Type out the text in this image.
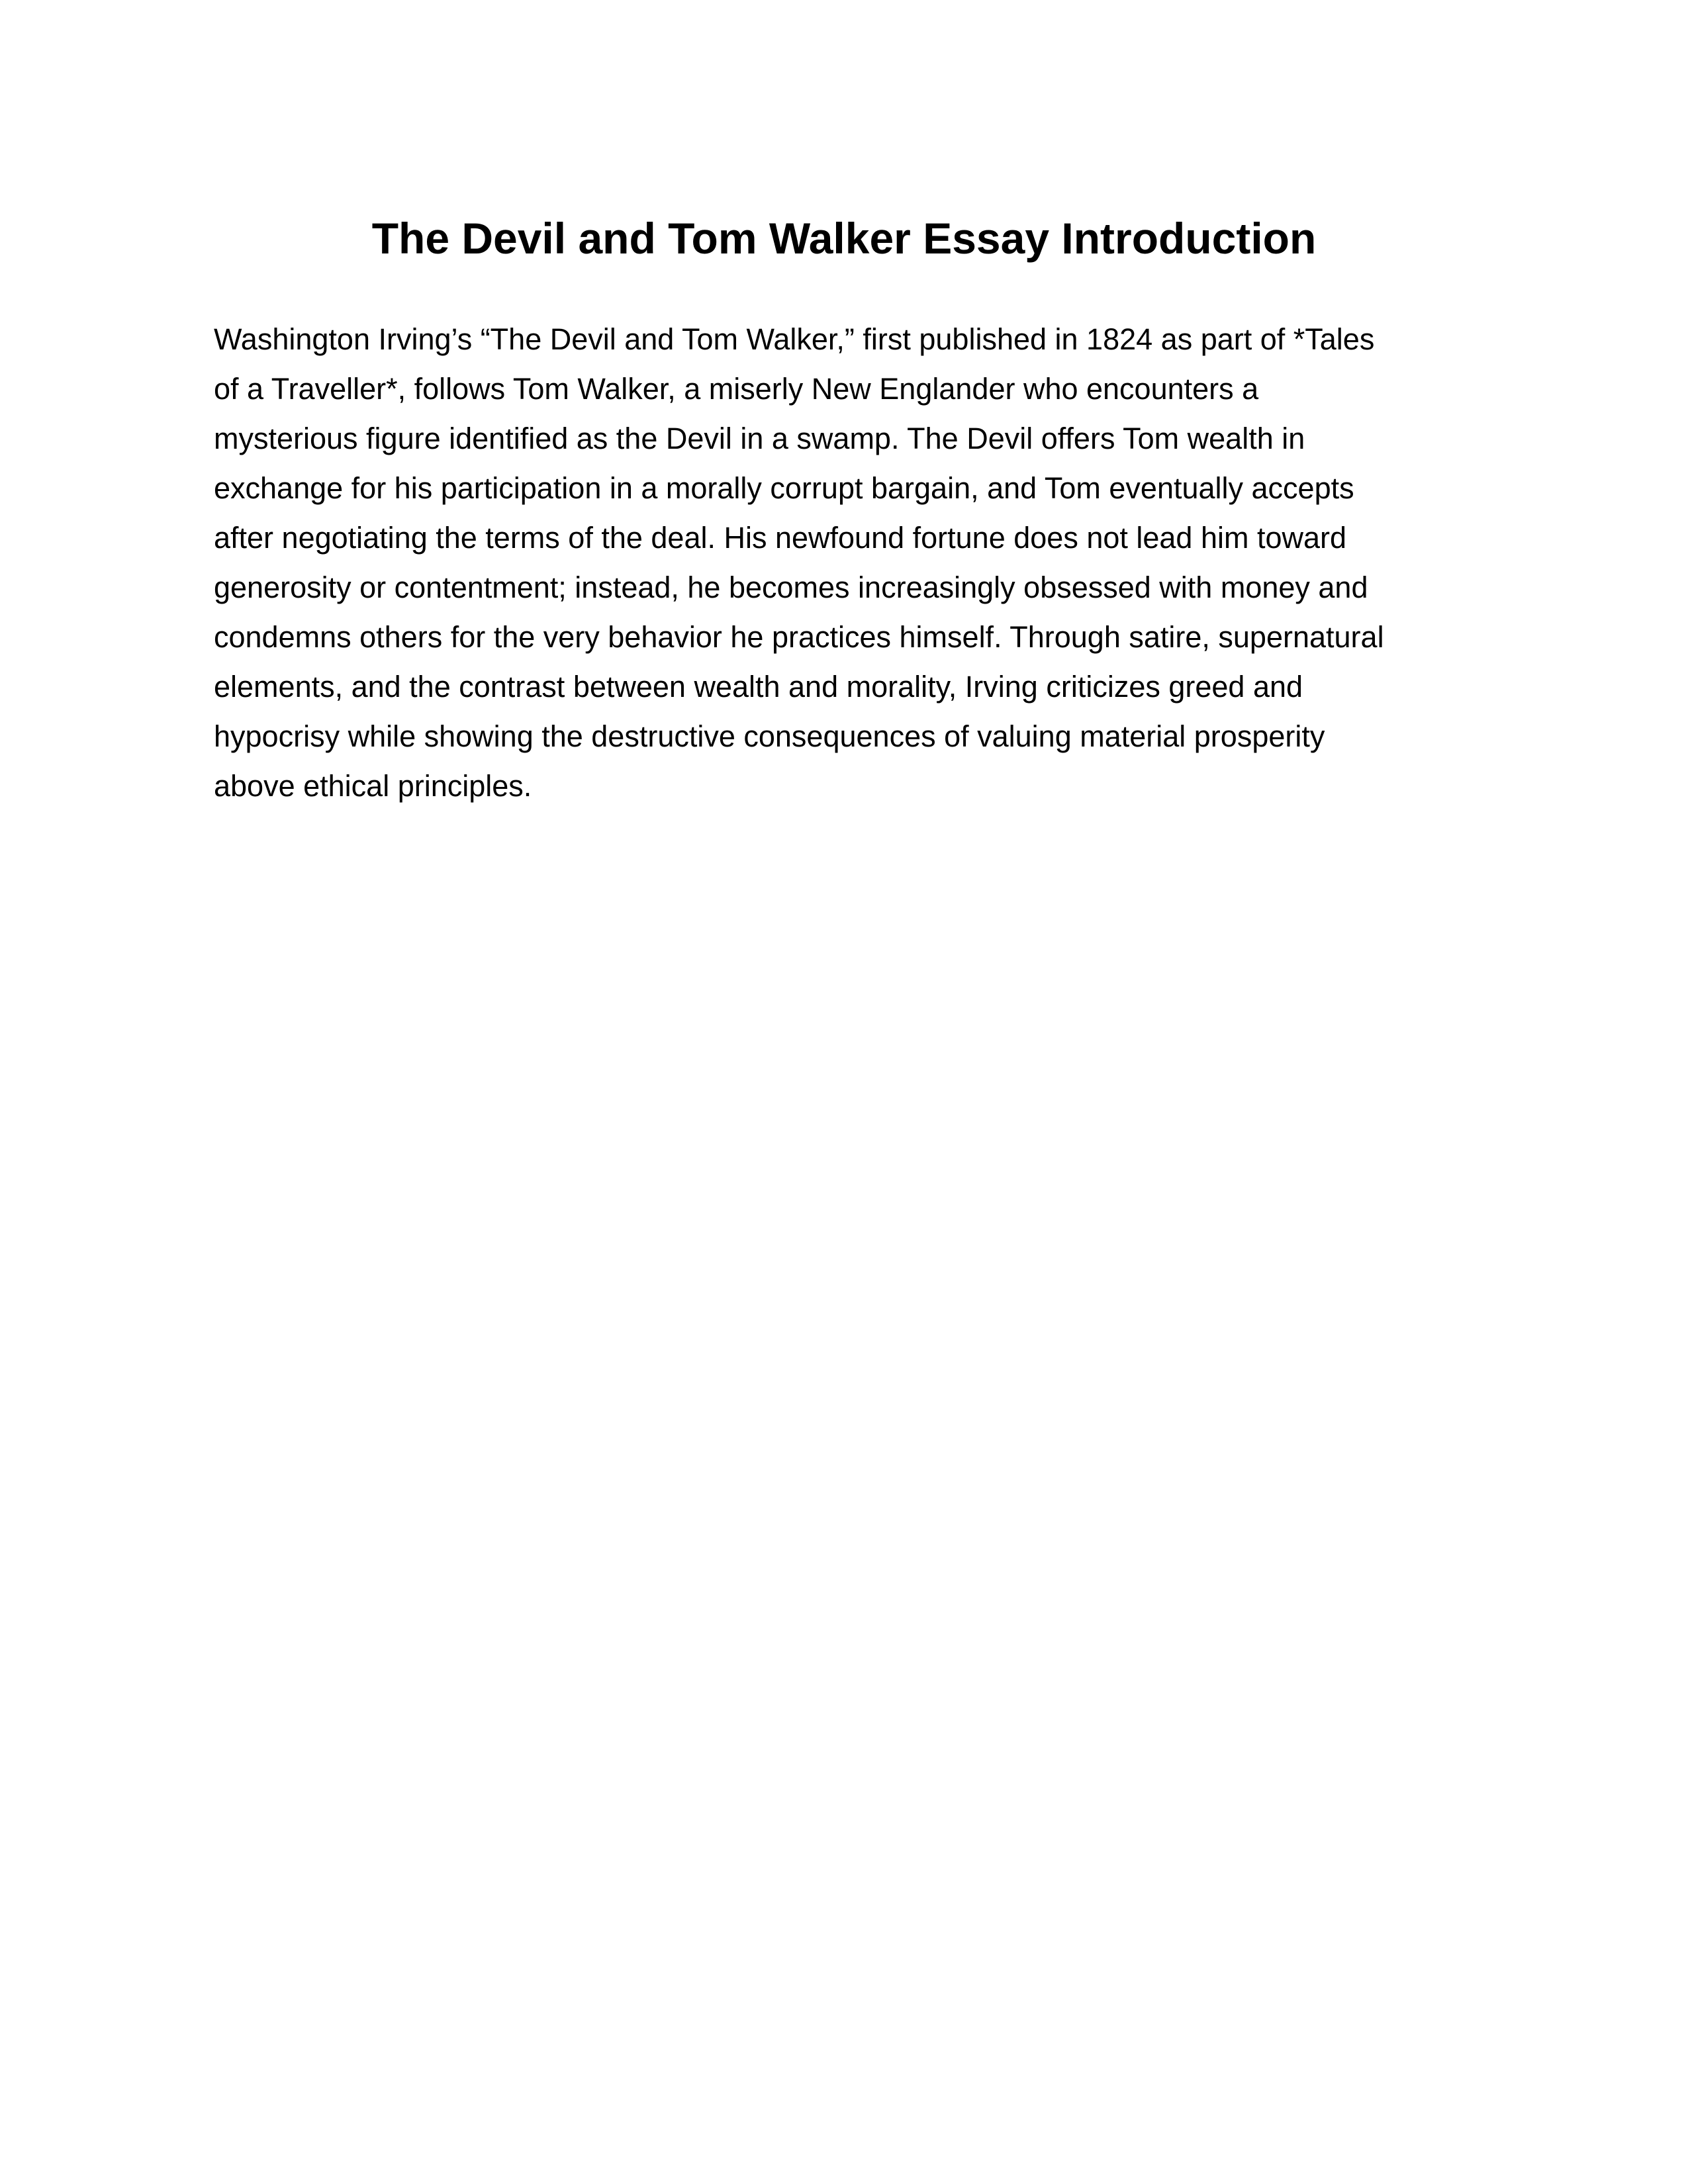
The Devil and Tom Walker Essay Introduction

Washington Irving’s “The Devil and Tom Walker,” first published in 1824 as part of *Tales
of a Traveller*, follows Tom Walker, a miserly New Englander who encounters a
mysterious figure identified as the Devil in a swamp. The Devil offers Tom wealth in
exchange for his participation in a morally corrupt bargain, and Tom eventually accepts
after negotiating the terms of the deal. His newfound fortune does not lead him toward
generosity or contentment; instead, he becomes increasingly obsessed with money and
condemns others for the very behavior he practices himself. Through satire, supernatural
elements, and the contrast between wealth and morality, Irving criticizes greed and
hypocrisy while showing the destructive consequences of valuing material prosperity
above ethical principles.
